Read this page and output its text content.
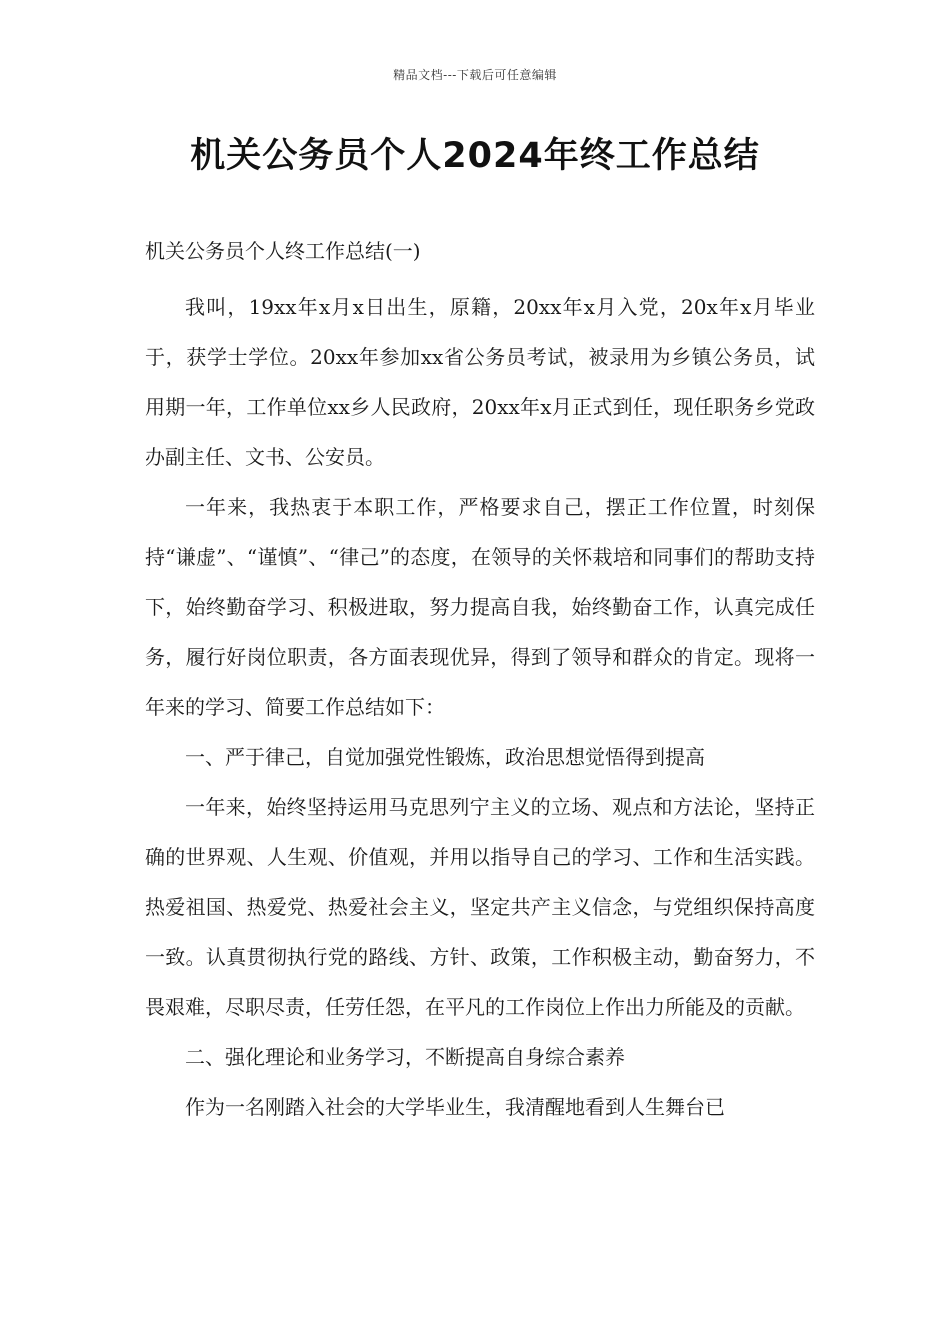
精品文档---下载后可任意编辑
机关公务员个人2024年终工作总结

机关公务员个人终工作总结(一)

我叫，19xx年x月x日出生，原籍，20xx年x月入党，20x年x月毕业于，获学士学位。20xx年参加xx省公务员考试，被录用为乡镇公务员，试用期一年，工作单位xx乡人民政府，20xx年x月正式到任，现任职务乡党政办副主任、文书、公安员。

一年来，我热衷于本职工作，严格要求自己，摆正工作位置，时刻保持“谦虚”、“谨慎”、“律己”的态度，在领导的关怀栽培和同事们的帮助支持下，始终勤奋学习、积极进取，努力提高自我，始终勤奋工作，认真完成任务，履行好岗位职责，各方面表现优异，得到了领导和群众的肯定。现将一年来的学习、简要工作总结如下：

一、严于律己，自觉加强党性锻炼，政治思想觉悟得到提高

一年来，始终坚持运用马克思列宁主义的立场、观点和方法论，坚持正确的世界观、人生观、价值观，并用以指导自己的学习、工作和生活实践。热爱祖国、热爱党、热爱社会主义，坚定共产主义信念，与党组织保持高度一致。认真贯彻执行党的路线、方针、政策，工作积极主动，勤奋努力，不畏艰难，尽职尽责，任劳任怨，在平凡的工作岗位上作出力所能及的贡献。

二、强化理论和业务学习，不断提高自身综合素养

作为一名刚踏入社会的大学毕业生，我清醒地看到人生舞台已
